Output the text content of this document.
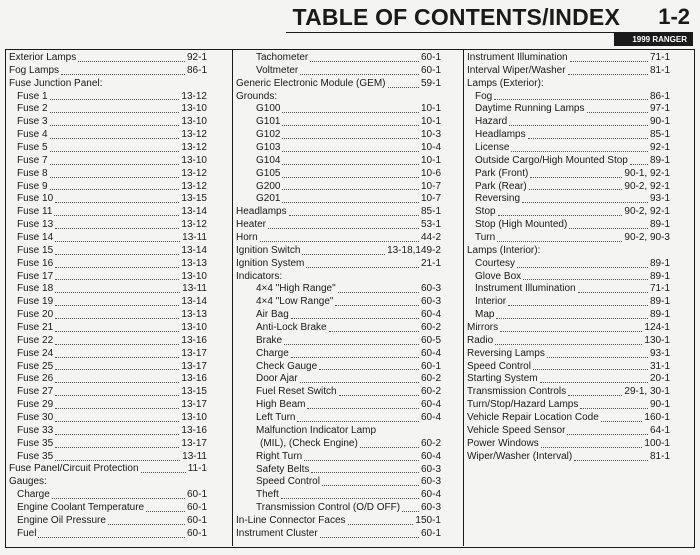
TABLE OF CONTENTS/INDEX 1-2
1999 RANGER
Exterior Lamps	92-1
Fog Lamps	86-1
Fuse Junction Panel:
Fuse 1	13-12
Fuse 2	13-10
Fuse 3	13-10
Fuse 4	13-12
Fuse 5	13-12
Fuse 7	13-10
Fuse 8	13-12
Fuse 9	13-12
Fuse 10	13-15
Fuse 11	13-14
Fuse 13	13-12
Fuse 14	13-11
Fuse 15	13-14
Fuse 16	13-13
Fuse 17	13-10
Fuse 18	13-11
Fuse 19	13-14
Fuse 20	13-13
Fuse 21	13-10
Fuse 22	13-16
Fuse 24	13-17
Fuse 25	13-17
Fuse 26	13-16
Fuse 27	13-15
Fuse 29	13-17
Fuse 30	13-10
Fuse 33	13-16
Fuse 35	13-17
Fuse 35	13-11
Fuse Panel/Circuit Protection	11-1
Gauges:
Charge	60-1
Engine Coolant Temperature	60-1
Engine Oil Pressure	60-1
Fuel	60-1
Tachometer	60-1
Voltmeter	60-1
Generic Electronic Module (GEM)	59-1
Grounds:
G100	10-1
G101	10-1
G102	10-3
G103	10-4
G104	10-1
G105	10-6
G200	10-7
G201	10-7
Headlamps	85-1
Heater	53-1
Horn	44-2
Ignition Switch	13-18,149-2
Ignition System	21-1
Indicators:
4×4 "High Range"	60-3
4×4 "Low Range"	60-3
Air Bag	60-4
Anti-Lock Brake	60-2
Brake	60-5
Charge	60-4
Check Gauge	60-1
Door Ajar	60-2
Fuel Reset Switch	60-2
High Beam	60-4
Left Turn	60-4
Malfunction Indicator Lamp
(MIL), (Check Engine)	60-2
Right Turn	60-4
Safety Belts	60-3
Speed Control	60-3
Theft	60-4
Transmission Control (O/D OFF) 60-3
In-Line Connector Faces	150-1
Instrument Cluster	60-1
Instrument Illumination	71-1
Interval Wiper/Washer	81-1
Lamps (Exterior):
Fog	86-1
Daytime Running Lamps	97-1
Hazard	90-1
Headlamps	85-1
License	92-1
Outside Cargo/High Mounted Stop 89-1
Park (Front)	90-1, 92-1
Park (Rear)	90-2, 92-1
Reversing	93-1
Stop	90-2, 92-1
Stop (High Mounted)	89-1
Turn	90-2, 90-3
Lamps (Interior):
Courtesy	89-1
Glove Box	89-1
Instrument Illumination	71-1
Interior	89-1
Map	89-1
Mirrors	124-1
Radio	130-1
Reversing Lamps	93-1
Speed Control	31-1
Starting System	20-1
Transmission Controls	29-1, 30-1
Turn/Stop/Hazard Lamps	90-1
Vehicle Repair Location Code	160-1
Vehicle Speed Sensor	64-1
Power Windows	100-1
Wiper/Washer (Interval)	81-1
